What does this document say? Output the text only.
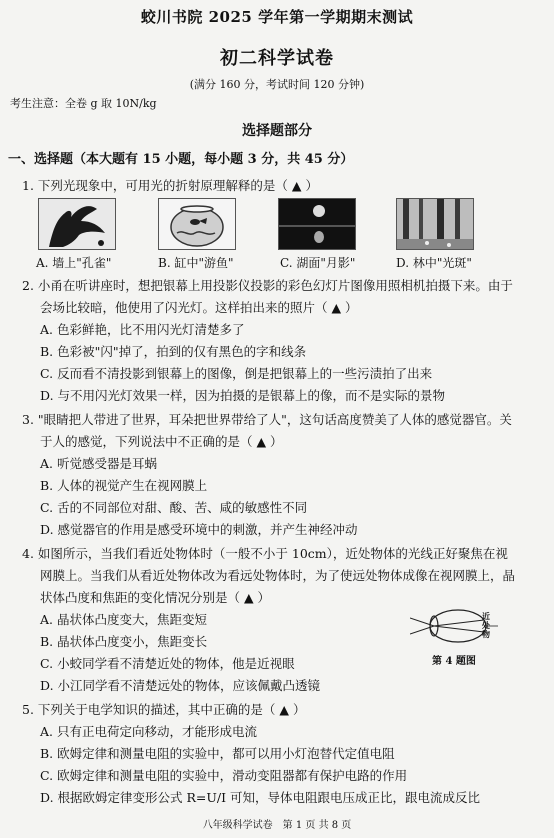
蛟川书院 2025 学年第一学期期末测试
初二科学试卷
(满分 160 分，考试时间 120 分钟)
考生注意：全卷 g 取 10N/kg
选择题部分
一、选择题（本大题有 15 小题，每小题 3 分，共 45 分）
1. 下列光现象中，可用光的折射原理解释的是（ ▲ ）
A. 墙上"孔雀"	B. 缸中"游鱼"	C. 湖面"月影"	D. 林中"光斑"
2. 小甬在听讲座时，想把银幕上用投影仪投影的彩色幻灯片图像用照相机拍摄下来。由于
会场比较暗，他使用了闪光灯。这样拍出来的照片（ ▲ ）
A. 色彩鲜艳，比不用闪光灯清楚多了
B. 色彩被"闪"掉了，拍到的仅有黑色的字和线条
C. 反而看不清投影到银幕上的图像，倒是把银幕上的一些污渍拍了出来
D. 与不用闪光灯效果一样，因为拍摄的是银幕上的像，而不是实际的景物
3. "眼睛把人带进了世界，耳朵把世界带给了人"，这句话高度赞美了人体的感觉器官。关
于人的感觉，下列说法中不正确的是（ ▲ ）
A. 听觉感受器是耳蜗
B. 人体的视觉产生在视网膜上
C. 舌的不同部位对甜、酸、苦、咸的敏感性不同
D. 感觉器官的作用是感受环境中的刺激，并产生神经冲动
4. 如图所示，当我们看近处物体时（一般不小于 10cm），近处物体的光线正好聚焦在视
网膜上。当我们从看近处物体改为看远处物体时，为了使远处物体成像在视网膜上，晶
状体凸度和焦距的变化情况分别是（ ▲ ）
A. 晶状体凸度变大，焦距变短
B. 晶状体凸度变小，焦距变长
C. 小蛟同学看不清楚近处的物体，他是近视眼
D. 小江同学看不清楚远处的物体，应该佩戴凸透镜
近处物
第 4 题图
5. 下列关于电学知识的描述，其中正确的是（ ▲ ）
A. 只有正电荷定向移动，才能形成电流
B. 欧姆定律和测量电阻的实验中，都可以用小灯泡替代定值电阻
C. 欧姆定律和测量电阻的实验中，滑动变阻器都有保护电路的作用
D. 根据欧姆定律变形公式 R=U/I 可知，导体电阻跟电压成正比，跟电流成反比
八年级科学试卷　第 1 页 共 8 页
